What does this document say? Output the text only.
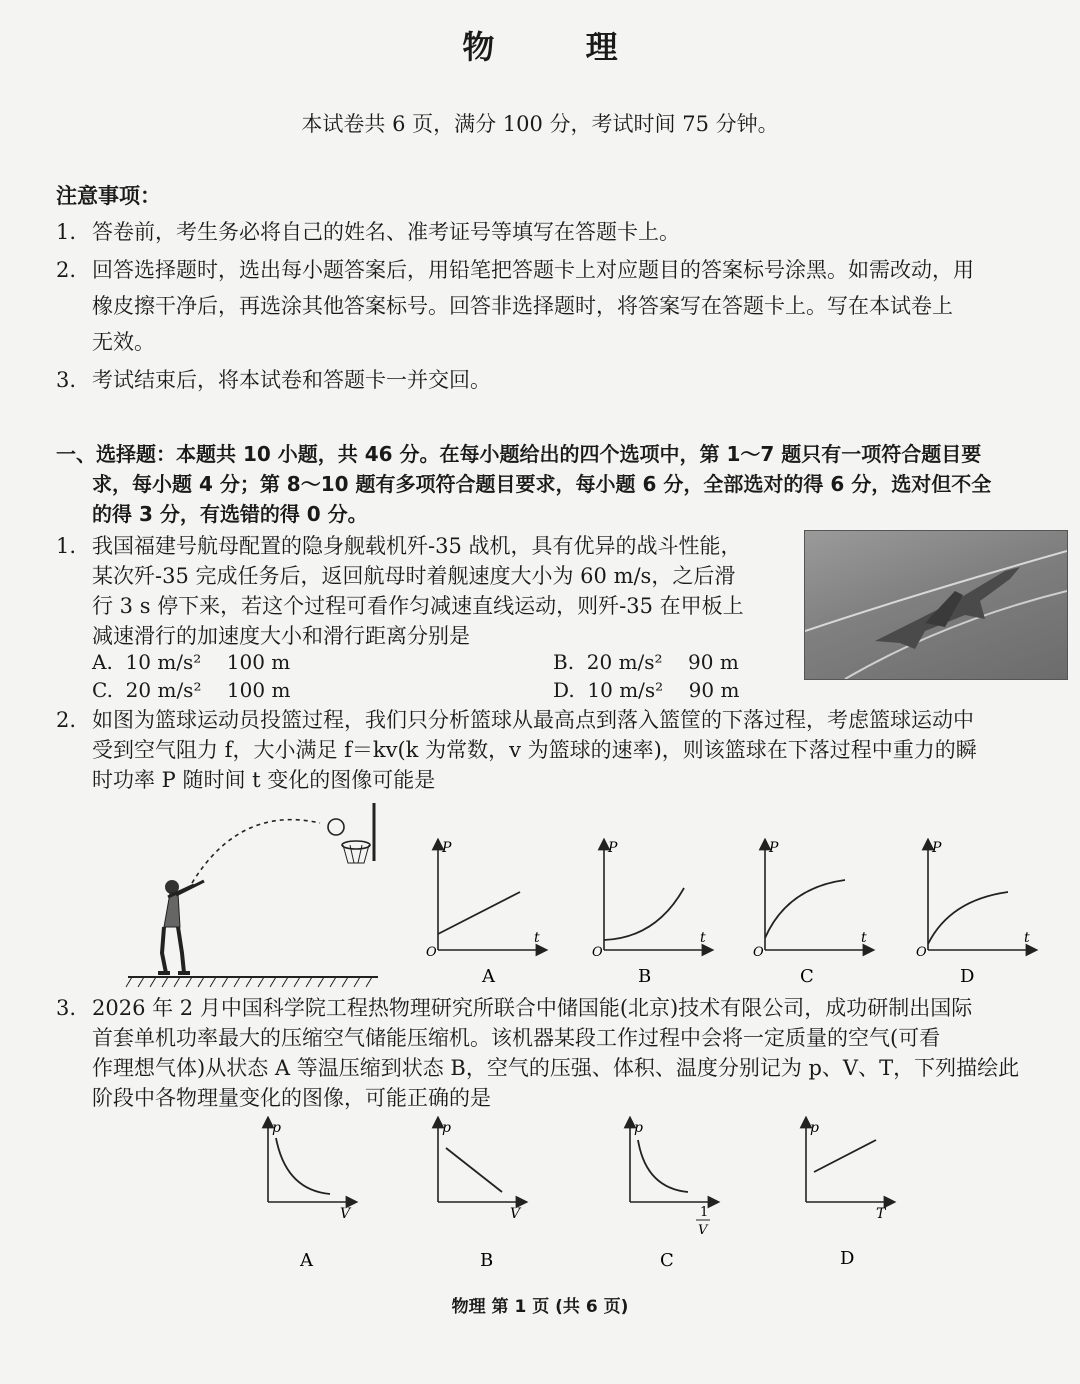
物 理
本试卷共 6 页，满分 100 分，考试时间 75 分钟。
注意事项：
1. 答卷前，考生务必将自己的姓名、准考证号等填写在答题卡上。
2. 回答选择题时，选出每小题答案后，用铅笔把答题卡上对应题目的答案标号涂黑。如需改动，用
橡皮擦干净后，再选涂其他答案标号。回答非选择题时，将答案写在答题卡上。写在本试卷上
无效。
3. 考试结束后，将本试卷和答题卡一并交回。
一、选择题：本题共 10 小题，共 46 分。在每小题给出的四个选项中，第 1～7 题只有一项符合题目要
求，每小题 4 分；第 8～10 题有多项符合题目要求，每小题 6 分，全部选对的得 6 分，选对但不全
的得 3 分，有选错的得 0 分。
1. 我国福建号航母配置的隐身舰载机歼-35 战机，具有优异的战斗性能，
某次歼-35 完成任务后，返回航母时着舰速度大小为 60 m/s，之后滑
行 3 s 停下来，若这个过程可看作匀减速直线运动，则歼-35 在甲板上
减速滑行的加速度大小和滑行距离分别是
A. 10 m/s² 100 m	B. 20 m/s² 90 m
C. 20 m/s² 100 m	D. 10 m/s² 90 m
2. 如图为篮球运动员投篮过程，我们只分析篮球从最高点到落入篮筐的下落过程，考虑篮球运动中
受到空气阻力 f，大小满足 f＝kv(k 为常数，v 为篮球的速率)，则该篮球在下落过程中重力的瞬
时功率 P 随时间 t 变化的图像可能是
P
t
O
P
t
O
P
t
O
P
t
O
A	B	C	D
3. 2026 年 2 月中国科学院工程热物理研究所联合中储国能(北京)技术有限公司，成功研制出国际
首套单机功率最大的压缩空气储能压缩机。该机器某段工作过程中会将一定质量的空气(可看
作理想气体)从状态 A 等温压缩到状态 B，空气的压强、体积、温度分别记为 p、V、T，下列描绘此
阶段中各物理量变化的图像，可能正确的是
p
V
p
V
p
1
V
p
T
A	B	C	D
物理 第 1 页 (共 6 页)
